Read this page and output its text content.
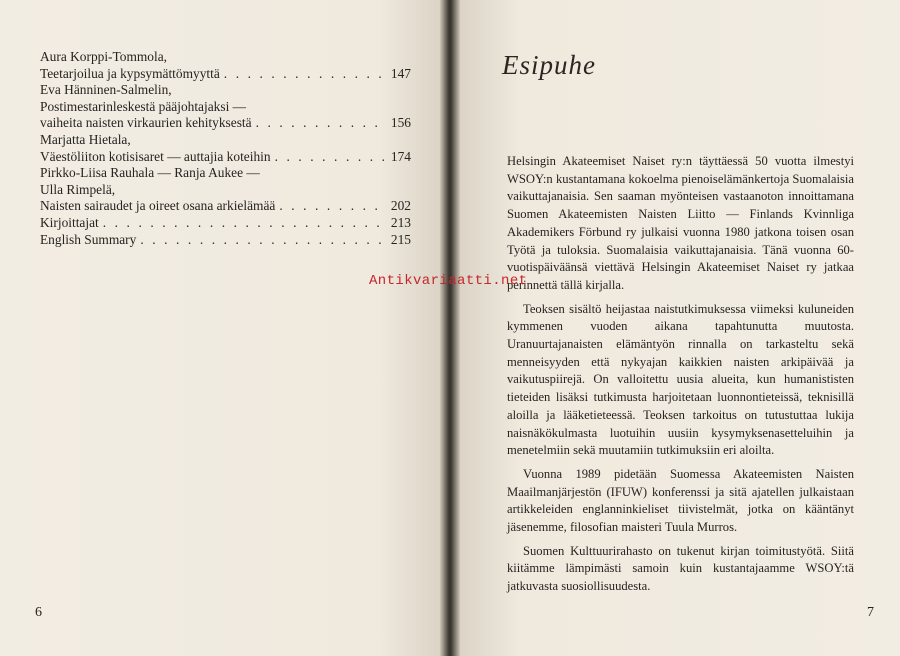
Aura Korppi-Tommola,
Teetarjoilua ja kypsymättömyyttä . . .	147
Eva Hänninen-Salmelin,
Postimestarinleskestä pääjohtajaksi —
vaiheita naisten virkaurien kehityksestä . . .	156
Marjatta Hietala,
Väestöliiton kotisisaret — auttajia koteihin . . .	174
Pirkko-Liisa Rauhala — Ranja Aukee —
Ulla Rimpelä,
Naisten sairaudet ja oireet osana arkielämää . . .	202
Kirjoittajat . . .	213
English Summary . . .	215
6
Esipuhe

Helsingin Akateemiset Naiset ry:n täyttäessä 50 vuotta ilmestyi WSOY:n kustantamana kokoelma pienoiselämänkertoja Suomalaisia vaikuttajanaisia. Sen saaman myönteisen vastaanoton innoittamana Suomen Akateemisten Naisten Liitto — Finlands Kvinnliga Akademikers Förbund ry julkaisi vuonna 1980 jatkona toisen osan Työtä ja tuloksia. Suomalaisia vaikuttajanaisia. Tänä vuonna 60-vuotispäiväänsä viettävä Helsingin Akateemiset Naiset ry jatkaa perinnettä tällä kirjalla.

Teoksen sisältö heijastaa naistutkimuksessa viimeksi kuluneiden kymmenen vuoden aikana tapahtunutta muutosta. Uranuurtajanaisten elämäntyön rinnalla on tarkasteltu sekä menneisyyden että nykyajan kaikkien naisten arkipäivää ja vaikutuspiirejä. On valloitettu uusia alueita, kun humanististen tieteiden lisäksi tutkimusta harjoitetaan luonnontieteissä, teknisillä aloilla ja lääketieteessä. Teoksen tarkoitus on tutustuttaa lukija naisnäkökulmasta luotuihin uusiin kysymyksenasetteluihin ja menetelmiin sekä muutamiin tutkimuksiin eri aloilta.

Vuonna 1989 pidetään Suomessa Akateemisten Naisten Maailmanjärjestön (IFUW) konferenssi ja sitä ajatellen julkaistaan artikkeleiden englanninkieliset tiivistelmät, jotka on kääntänyt jäsenemme, filosofian maisteri Tuula Murros.

Suomen Kulttuurirahasto on tukenut kirjan toimitustyötä. Siitä kiitämme lämpimästi samoin kuin kustantajaamme WSOY:tä jatkuvasta suosiollisuudesta.

7
Antikvariaatti.net
